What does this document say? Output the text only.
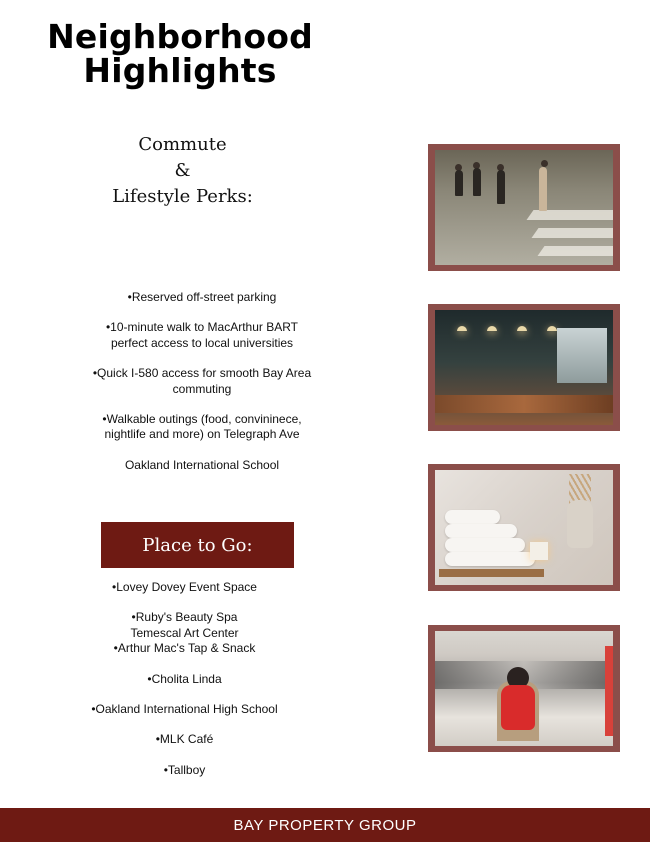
Neighborhood
Highlights
Commute
&
Lifestyle Perks:
•Reserved off-street parking
•10-minute walk to MacArthur BART perfect access to local universities
•Quick I-580 access for smooth Bay Area commuting
•Walkable outings (food, convininece, nightlife and more) on Telegraph Ave
Oakland International School
Place to Go:
•Lovey Dovey Event Space
•Ruby's Beauty Spa
Temescal Art Center
•Arthur Mac's Tap & Snack
•Cholita Linda
•Oakland International High School
•MLK Café
•Tallboy
BAY PROPERTY GROUP
